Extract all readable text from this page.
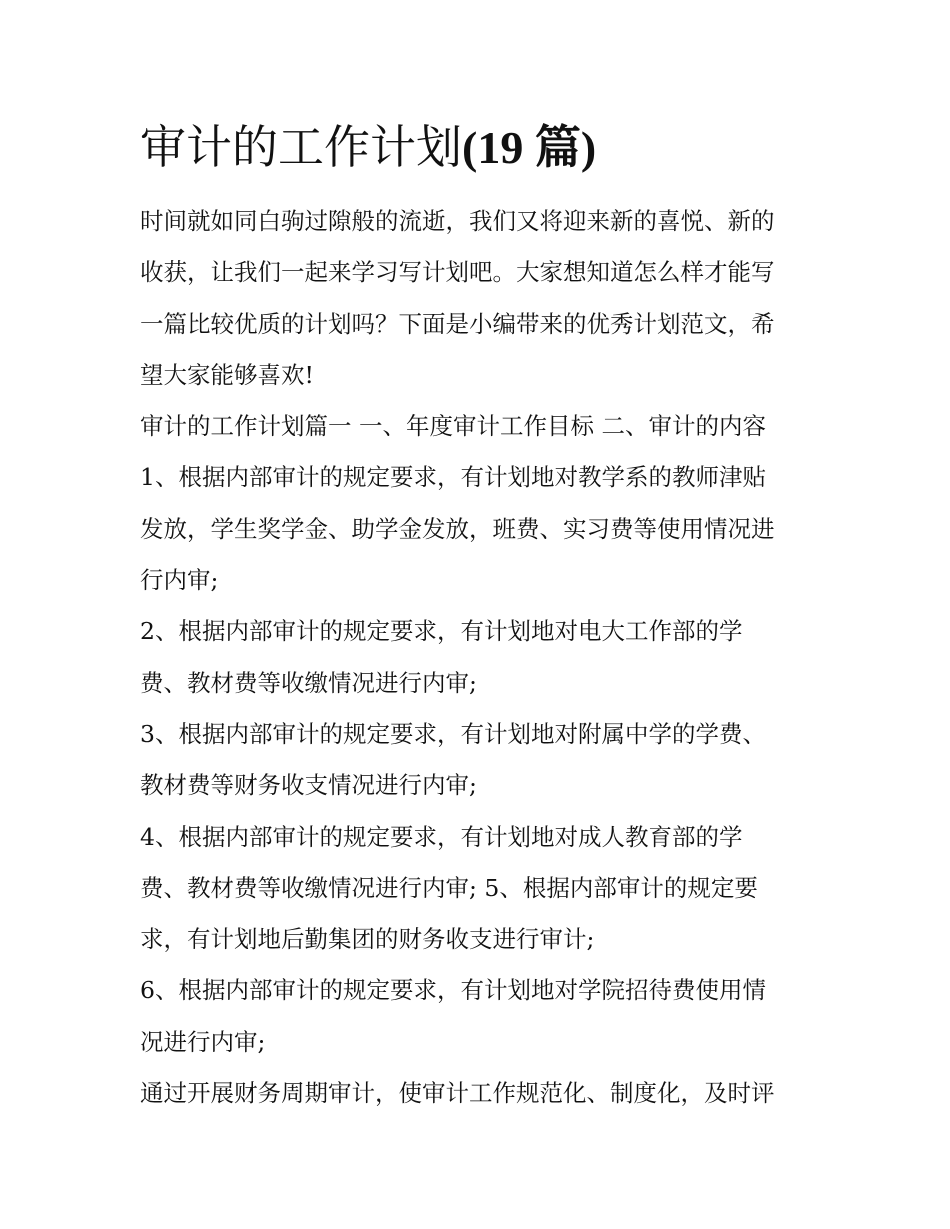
审计的工作计划(19 篇)
时间就如同白驹过隙般的流逝，我们又将迎来新的喜悦、新的
收获，让我们一起来学习写计划吧。大家想知道怎么样才能写
一篇比较优质的计划吗？下面是小编带来的优秀计划范文，希
望大家能够喜欢!
审计的工作计划篇一 一、年度审计工作目标 二、审计的内容
1、根据内部审计的规定要求，有计划地对教学系的教师津贴
发放，学生奖学金、助学金发放，班费、实习费等使用情况进
行内审;
2、根据内部审计的规定要求，有计划地对电大工作部的学
费、教材费等收缴情况进行内审;
3、根据内部审计的规定要求，有计划地对附属中学的学费、
教材费等财务收支情况进行内审;
4、根据内部审计的规定要求，有计划地对成人教育部的学
费、教材费等收缴情况进行内审; 5、根据内部审计的规定要
求，有计划地后勤集团的财务收支进行审计;
6、根据内部审计的规定要求，有计划地对学院招待费使用情
况进行内审;
通过开展财务周期审计，使审计工作规范化、制度化，及时评
